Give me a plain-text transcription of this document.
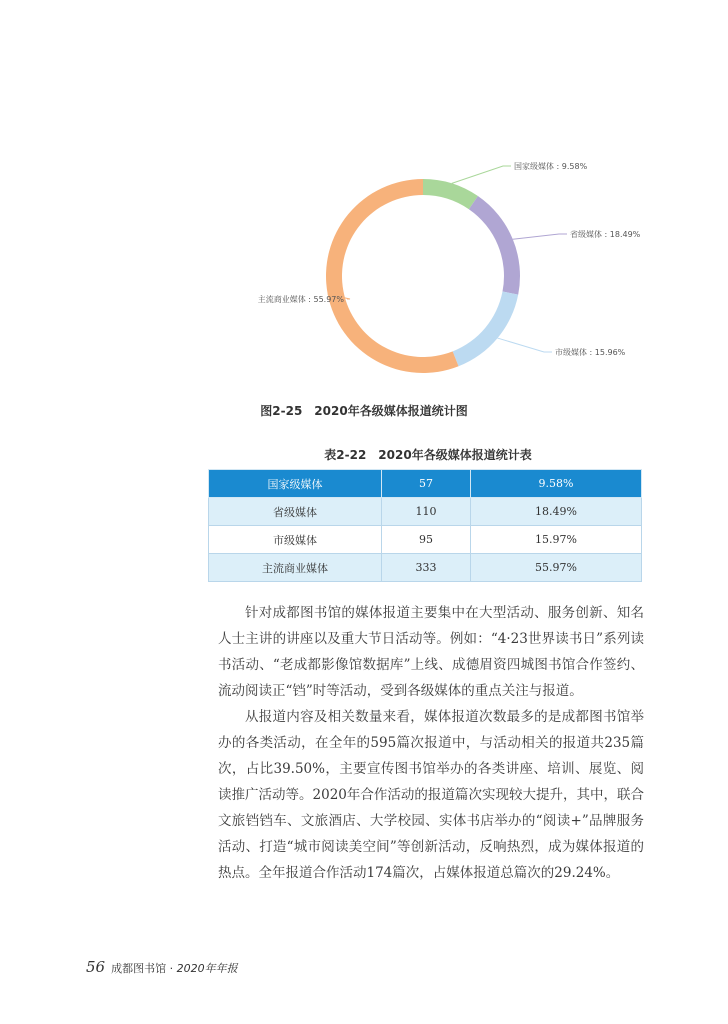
国家级媒体 : 9.58%
省级媒体 : 18.49%
市级媒体 : 15.96%
主流商业媒体 : 55.97%
图2-25　2020年各级媒体报道统计图
表2-22　2020年各级媒体报道统计表
国家级媒体	57	9.58%
省级媒体	110	18.49%
市级媒体	95	15.97%
主流商业媒体	333	55.97%

针对成都图书馆的媒体报道主要集中在大型活动、服务创新、知名人士主讲的讲座以及重大节日活动等。例如：“4·23世界读书日”系列读书活动、“老成都影像馆数据库”上线、成德眉资四城图书馆合作签约、流动阅读正“铛”时等活动，受到各级媒体的重点关注与报道。

从报道内容及相关数量来看，媒体报道次数最多的是成都图书馆举办的各类活动，在全年的595篇次报道中，与活动相关的报道共235篇次，占比39.50%，主要宣传图书馆举办的各类讲座、培训、展览、阅读推广活动等。2020年合作活动的报道篇次实现较大提升，其中，联合文旅铛铛车、文旅酒店、大学校园、实体书店举办的“阅读+”品牌服务活动、打造“城市阅读美空间”等创新活动，反响热烈，成为媒体报道的热点。全年报道合作活动174篇次，占媒体报道总篇次的29.24%。

56 成都图书馆 · 2020年年报
